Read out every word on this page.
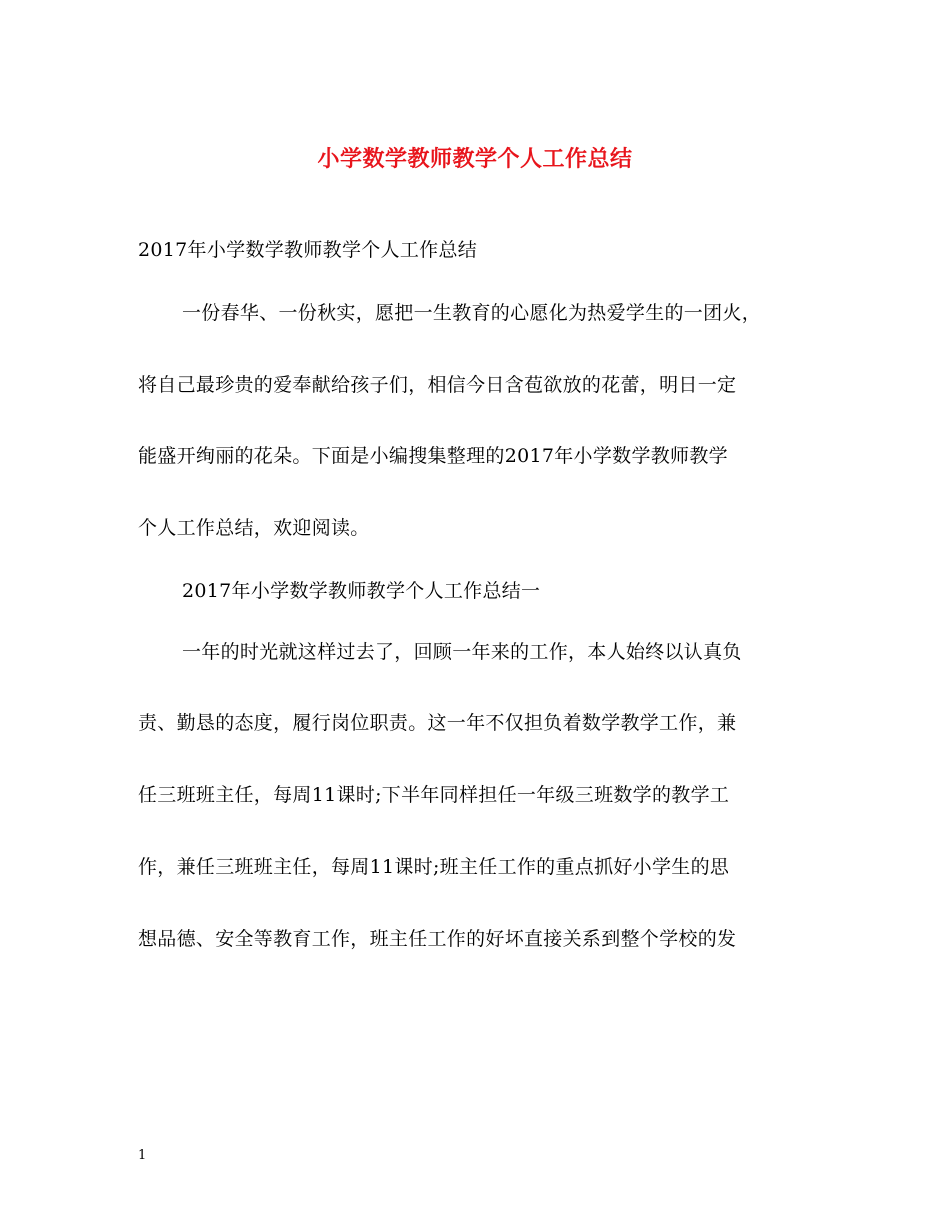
小学数学教师教学个人工作总结
2017年小学数学教师教学个人工作总结
一份春华、一份秋实，愿把一生教育的心愿化为热爱学生的一团火，
将自己最珍贵的爱奉献给孩子们，相信今日含苞欲放的花蕾，明日一定
能盛开绚丽的花朵。下面是小编搜集整理的2017年小学数学教师教学
个人工作总结，欢迎阅读。
2017年小学数学教师教学个人工作总结一
一年的时光就这样过去了，回顾一年来的工作，本人始终以认真负
责、勤恳的态度，履行岗位职责。这一年不仅担负着数学教学工作，兼
任三班班主任，每周11课时;下半年同样担任一年级三班数学的教学工
作，兼任三班班主任，每周11课时;班主任工作的重点抓好小学生的思
想品德、安全等教育工作，班主任工作的好坏直接关系到整个学校的发
1
